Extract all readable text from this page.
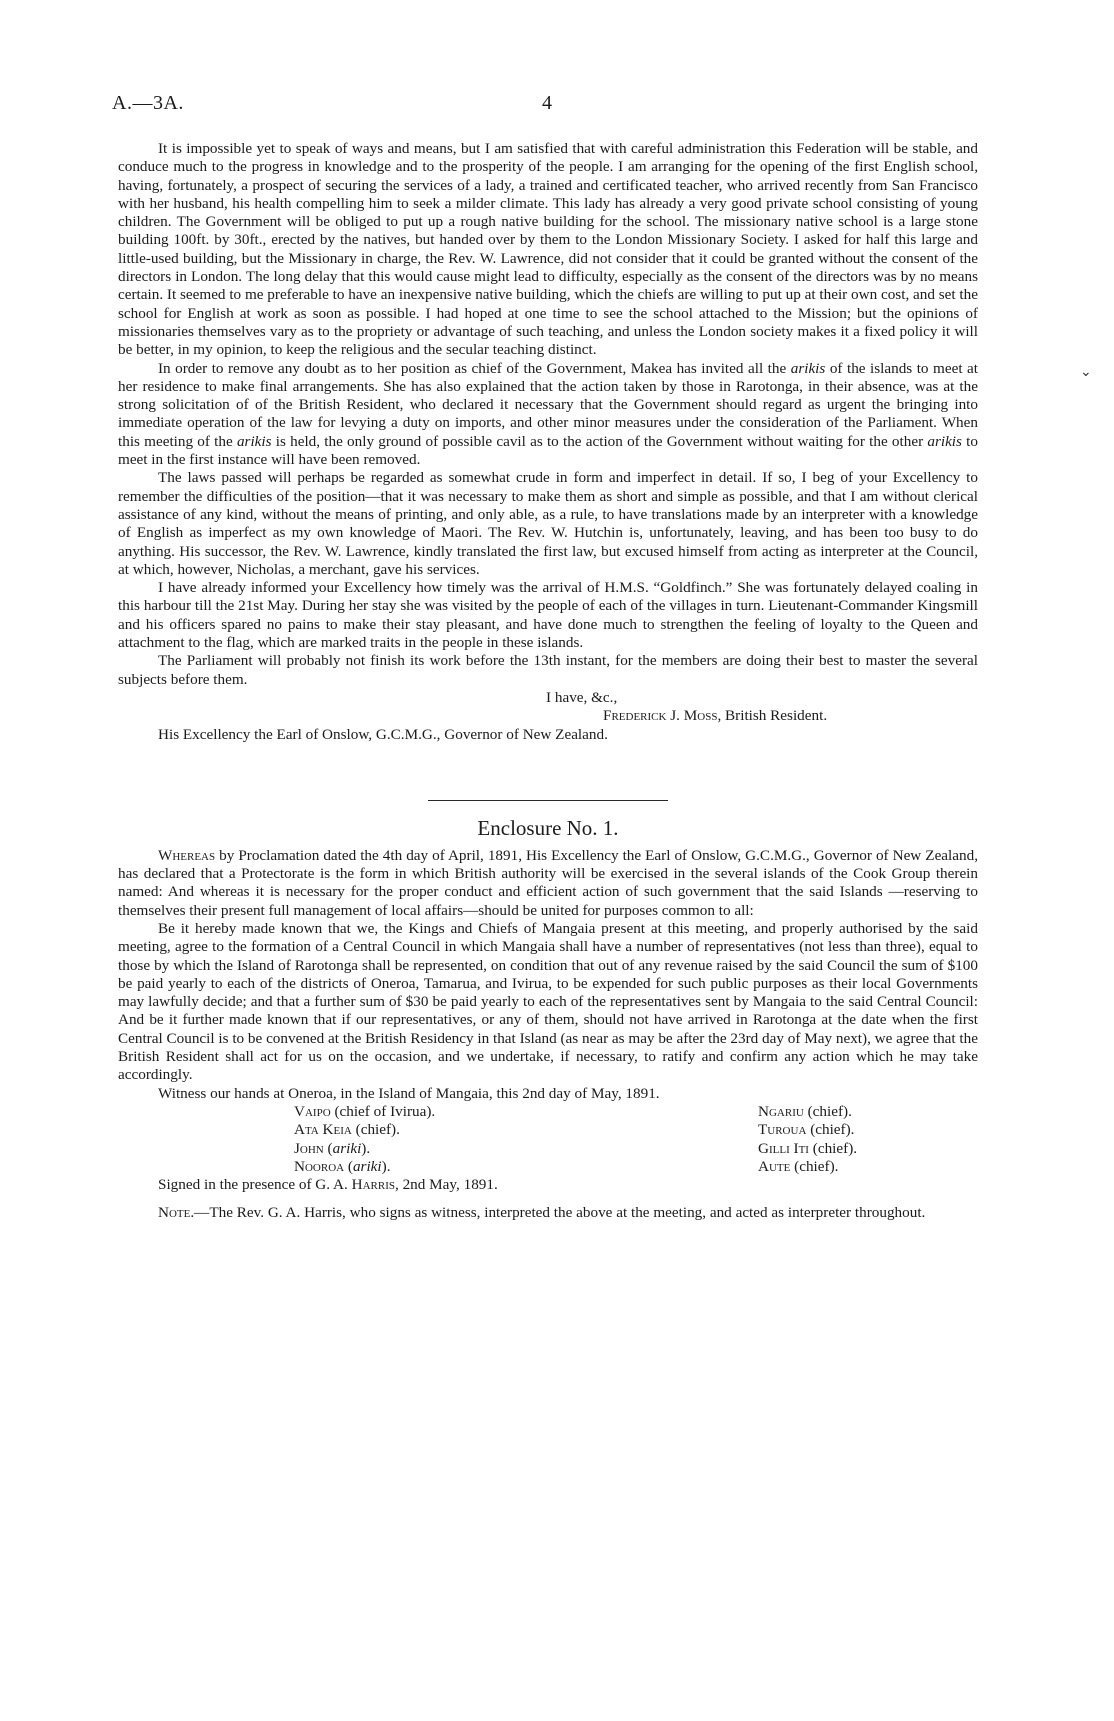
A.—3A.	4
⌄

It is impossible yet to speak of ways and means, but I am satisfied that with careful administration this Federation will be stable, and conduce much to the progress in knowledge and to the prosperity of the people. I am arranging for the opening of the first English school, having, fortunately, a prospect of securing the services of a lady, a trained and certificated teacher, who arrived recently from San Francisco with her husband, his health compelling him to seek a milder climate. This lady has already a very good private school consisting of young children. The Government will be obliged to put up a rough native building for the school. The missionary native school is a large stone building 100ft. by 30ft., erected by the natives, but handed over by them to the London Missionary Society. I asked for half this large and little-used building, but the Missionary in charge, the Rev. W. Lawrence, did not consider that it could be granted without the consent of the directors in London. The long delay that this would cause might lead to difficulty, especially as the consent of the directors was by no means certain. It seemed to me preferable to have an inexpensive native building, which the chiefs are willing to put up at their own cost, and set the school for English at work as soon as possible. I had hoped at one time to see the school attached to the Mission; but the opinions of missionaries themselves vary as to the propriety or advantage of such teaching, and unless the London society makes it a fixed policy it will be better, in my opinion, to keep the religious and the secular teaching distinct.

In order to remove any doubt as to her position as chief of the Government, Makea has invited all the arikis of the islands to meet at her residence to make final arrangements. She has also explained that the action taken by those in Rarotonga, in their absence, was at the strong solicitation of of the British Resident, who declared it necessary that the Government should regard as urgent the bringing into immediate operation of the law for levying a duty on imports, and other minor measures under the consideration of the Parliament. When this meeting of the arikis is held, the only ground of possible cavil as to the action of the Government without waiting for the other arikis to meet in the first instance will have been removed.

The laws passed will perhaps be regarded as somewhat crude in form and imperfect in detail. If so, I beg of your Excellency to remember the difficulties of the position—that it was necessary to make them as short and simple as possible, and that I am without clerical assistance of any kind, without the means of printing, and only able, as a rule, to have translations made by an interpreter with a knowledge of English as imperfect as my own knowledge of Maori. The Rev. W. Hutchin is, unfortunately, leaving, and has been too busy to do anything. His successor, the Rev. W. Lawrence, kindly translated the first law, but excused himself from acting as interpreter at the Council, at which, however, Nicholas, a merchant, gave his services.

I have already informed your Excellency how timely was the arrival of H.M.S. “Goldfinch.” She was fortunately delayed coaling in this harbour till the 21st May. During her stay she was visited by the people of each of the villages in turn. Lieutenant-Commander Kingsmill and his officers spared no pains to make their stay pleasant, and have done much to strengthen the feeling of loyalty to the Queen and attachment to the flag, which are marked traits in the people in these islands.

The Parliament will probably not finish its work before the 13th instant, for the members are doing their best to master the several subjects before them.

I have, &c.,
Frederick J. Moss, British Resident.

His Excellency the Earl of Onslow, G.C.M.G., Governor of New Zealand.

Enclosure No. 1.

Whereas by Proclamation dated the 4th day of April, 1891, His Excellency the Earl of Onslow, G.C.M.G., Governor of New Zealand, has declared that a Protectorate is the form in which British authority will be exercised in the several islands of the Cook Group therein named: And whereas it is necessary for the proper conduct and efficient action of such government that the said Islands —reserving to themselves their present full management of local affairs—should be united for purposes common to all:

Be it hereby made known that we, the Kings and Chiefs of Mangaia present at this meeting, and properly authorised by the said meeting, agree to the formation of a Central Council in which Mangaia shall have a number of representatives (not less than three), equal to those by which the Island of Rarotonga shall be represented, on condition that out of any revenue raised by the said Council the sum of $100 be paid yearly to each of the districts of Oneroa, Tamarua, and Ivirua, to be expended for such public purposes as their local Governments may lawfully decide; and that a further sum of $30 be paid yearly to each of the representatives sent by Mangaia to the said Central Council: And be it further made known that if our representatives, or any of them, should not have arrived in Rarotonga at the date when the first Central Council is to be convened at the British Residency in that Island (as near as may be after the 23rd day of May next), we agree that the British Resident shall act for us on the occasion, and we undertake, if necessary, to ratify and confirm any action which he may take accordingly.

Witness our hands at Oneroa, in the Island of Mangaia, this 2nd day of May, 1891.

Vaipo (chief of Ivirua).	Ngariu (chief).
Ata Keia (chief).	Turoua (chief).
John (ariki).	Gilli Iti (chief).
Nooroa (ariki).	Aute (chief).

Signed in the presence of G. A. Harris, 2nd May, 1891.

Note.—The Rev. G. A. Harris, who signs as witness, interpreted the above at the meeting, and acted as interpreter throughout.
